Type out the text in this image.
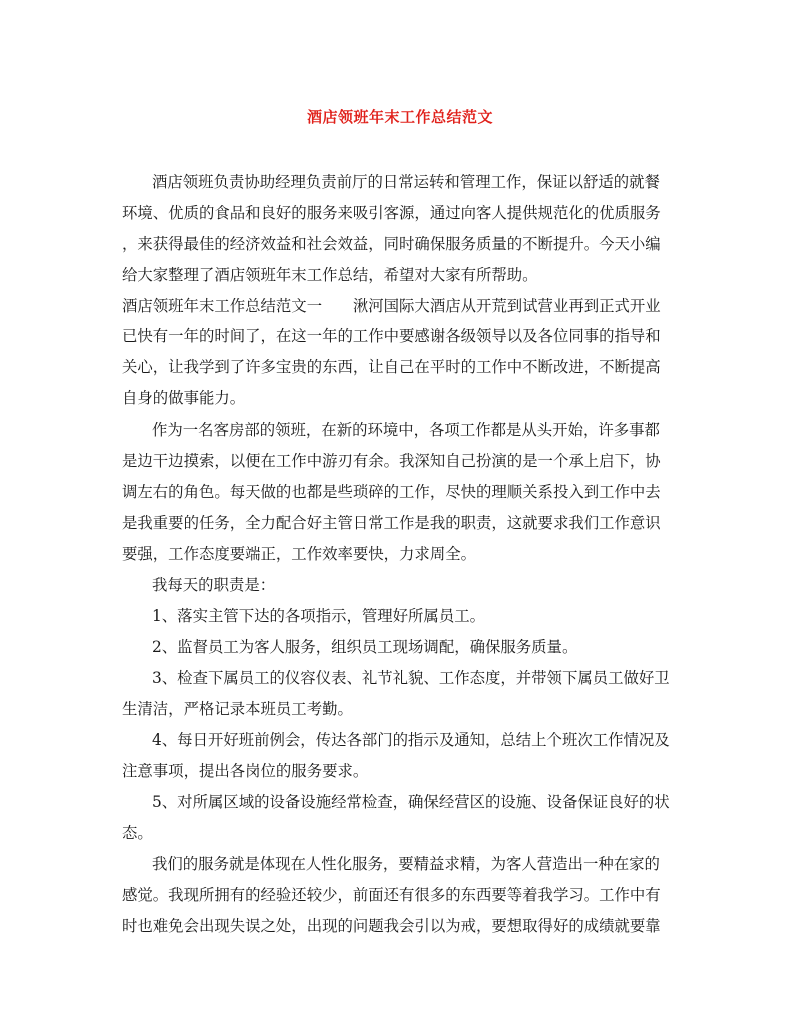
酒店领班年末工作总结范文
酒店领班负责协助经理负责前厅的日常运转和管理工作，保证以舒适的就餐
环境、优质的食品和良好的服务来吸引客源，通过向客人提供规范化的优质服务
，来获得最佳的经济效益和社会效益，同时确保服务质量的不断提升。今天小编
给大家整理了酒店领班年末工作总结，希望对大家有所帮助。
酒店领班年末工作总结范文一　　湫河国际大酒店从开荒到试营业再到正式开业
已快有一年的时间了，在这一年的工作中要感谢各级领导以及各位同事的指导和
关心，让我学到了许多宝贵的东西，让自己在平时的工作中不断改进，不断提高
自身的做事能力。
作为一名客房部的领班，在新的环境中，各项工作都是从头开始，许多事都
是边干边摸索，以便在工作中游刃有余。我深知自己扮演的是一个承上启下，协
调左右的角色。每天做的也都是些琐碎的工作，尽快的理顺关系投入到工作中去
是我重要的任务，全力配合好主管日常工作是我的职责，这就要求我们工作意识
要强，工作态度要端正，工作效率要快，力求周全。
我每天的职责是：
1、落实主管下达的各项指示，管理好所属员工。
2、监督员工为客人服务，组织员工现场调配，确保服务质量。
3、检查下属员工的仪容仪表、礼节礼貌、工作态度，并带领下属员工做好卫
生清洁，严格记录本班员工考勤。
4、每日开好班前例会，传达各部门的指示及通知，总结上个班次工作情况及
注意事项，提出各岗位的服务要求。
5、对所属区域的设备设施经常检查，确保经营区的设施、设备保证良好的状
态。
我们的服务就是体现在人性化服务，要精益求精，为客人营造出一种在家的
感觉。我现所拥有的经验还较少，前面还有很多的东西要等着我学习。工作中有
时也难免会出现失误之处，出现的问题我会引以为戒，要想取得好的成绩就要靠
